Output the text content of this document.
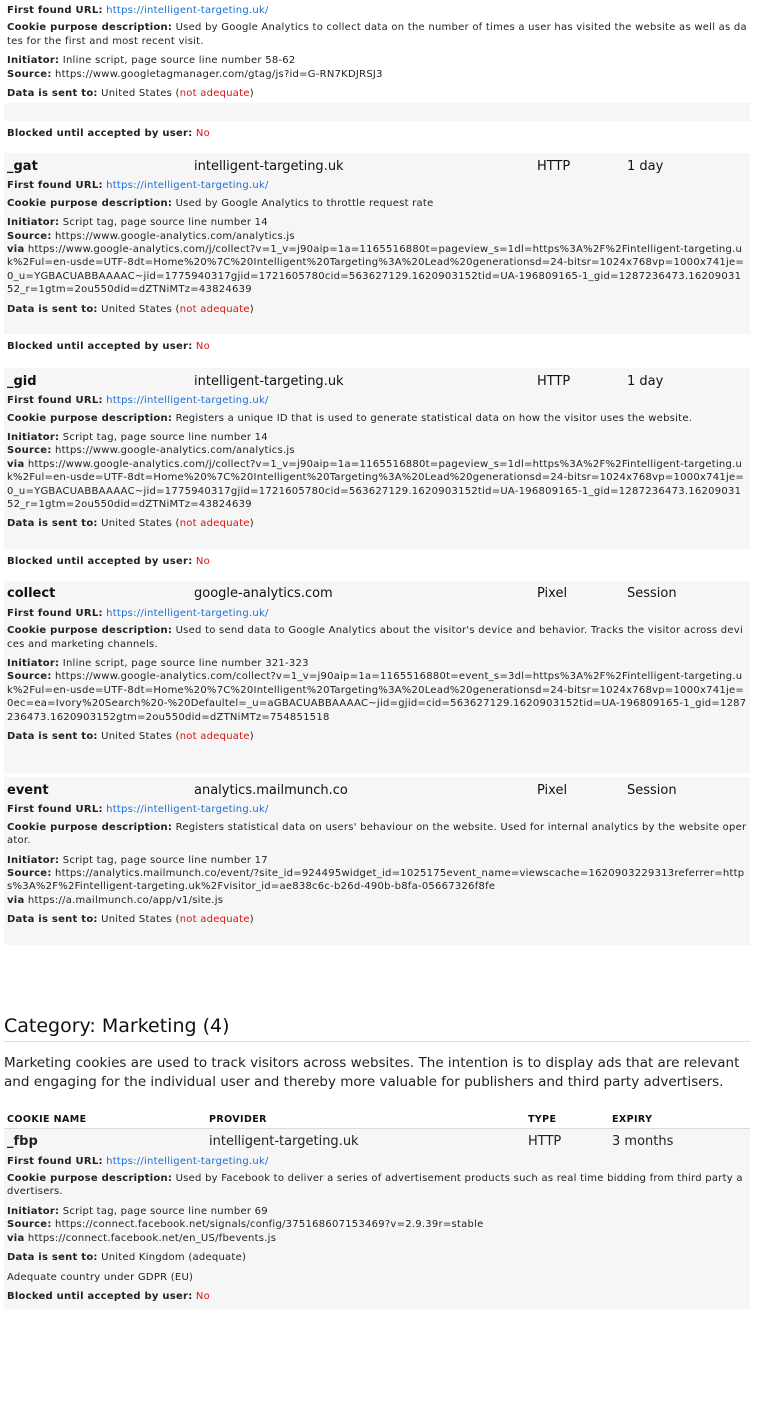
First found URL: https://intelligent-targeting.uk/
Cookie purpose description: Used by Google Analytics to collect data on the number of times a user has visited the website as well as dates for the first and most recent visit.
Initiator: Inline script, page source line number 58-62
Source: https://www.googletagmanager.com/gtag/js?id=G-RN7KDJRSJ3
Data is sent to: United States (not adequate)
Blocked until accepted by user: No
_gat	intelligent-targeting.uk	HTTP	1 day
First found URL: https://intelligent-targeting.uk/
Cookie purpose description: Used by Google Analytics to throttle request rate
Initiator: Script tag, page source line number 14
Source: https://www.google-analytics.com/analytics.js
via https://www.google-analytics.com/j/collect?v=1_v=j90aip=1a=1165516880t=pageview_s=1dl=https%3A%2F%2Fintelligent-targeting.uk%2Ful=en-usde=UTF-8dt=Home%20%7C%20Intelligent%20Targeting%3A%20Lead%20generationsd=24-bitsr=1024x768vp=1000x741je=0_u=YGBACUABBAAAAC~jid=1775940317gjid=1721605780cid=563627129.1620903152tid=UA-196809165-1_gid=1287236473.1620903152_r=1gtm=2ou550did=dZTNiMTz=43824639
Data is sent to: United States (not adequate)
Blocked until accepted by user: No
_gid	intelligent-targeting.uk	HTTP	1 day
First found URL: https://intelligent-targeting.uk/
Cookie purpose description: Registers a unique ID that is used to generate statistical data on how the visitor uses the website.
Initiator: Script tag, page source line number 14
Source: https://www.google-analytics.com/analytics.js
via https://www.google-analytics.com/j/collect?v=1_v=j90aip=1a=1165516880t=pageview_s=1dl=https%3A%2F%2Fintelligent-targeting.uk%2Ful=en-usde=UTF-8dt=Home%20%7C%20Intelligent%20Targeting%3A%20Lead%20generationsd=24-bitsr=1024x768vp=1000x741je=0_u=YGBACUABBAAAAC~jid=1775940317gjid=1721605780cid=563627129.1620903152tid=UA-196809165-1_gid=1287236473.1620903152_r=1gtm=2ou550did=dZTNiMTz=43824639
Data is sent to: United States (not adequate)
Blocked until accepted by user: No
collect	google-analytics.com	Pixel	Session
First found URL: https://intelligent-targeting.uk/
Cookie purpose description: Used to send data to Google Analytics about the visitor's device and behavior. Tracks the visitor across devices and marketing channels.
Initiator: Inline script, page source line number 321-323
Source: https://www.google-analytics.com/collect?v=1_v=j90aip=1a=1165516880t=event_s=3dl=https%3A%2F%2Fintelligent-targeting.uk%2Ful=en-usde=UTF-8dt=Home%20%7C%20Intelligent%20Targeting%3A%20Lead%20generationsd=24-bitsr=1024x768vp=1000x741je=0ec=ea=Ivory%20Search%20-%20Defaultel=_u=aGBACUABBAAAAC~jid=gjid=cid=563627129.1620903152tid=UA-196809165-1_gid=1287236473.1620903152gtm=2ou550did=dZTNiMTz=754851518
Data is sent to: United States (not adequate)
event	analytics.mailmunch.co	Pixel	Session
First found URL: https://intelligent-targeting.uk/
Cookie purpose description: Registers statistical data on users' behaviour on the website. Used for internal analytics by the website operator.
Initiator: Script tag, page source line number 17
Source: https://analytics.mailmunch.co/event/?site_id=924495widget_id=1025175event_name=viewscache=1620903229313referrer=https%3A%2F%2Fintelligent-targeting.uk%2Fvisitor_id=ae838c6c-b26d-490b-b8fa-05667326f8fe
via https://a.mailmunch.co/app/v1/site.js
Data is sent to: United States (not adequate)
Category: Marketing (4)
Marketing cookies are used to track visitors across websites. The intention is to display ads that are relevant and engaging for the individual user and thereby more valuable for publishers and third party advertisers.
COOKIE NAME	PROVIDER	TYPE	EXPIRY
_fbp	intelligent-targeting.uk	HTTP	3 months
First found URL: https://intelligent-targeting.uk/
Cookie purpose description: Used by Facebook to deliver a series of advertisement products such as real time bidding from third party advertisers.
Initiator: Script tag, page source line number 69
Source: https://connect.facebook.net/signals/config/375168607153469?v=2.9.39r=stable
via https://connect.facebook.net/en_US/fbevents.js
Data is sent to: United Kingdom (adequate)
Adequate country under GDPR (EU)
Blocked until accepted by user: No
